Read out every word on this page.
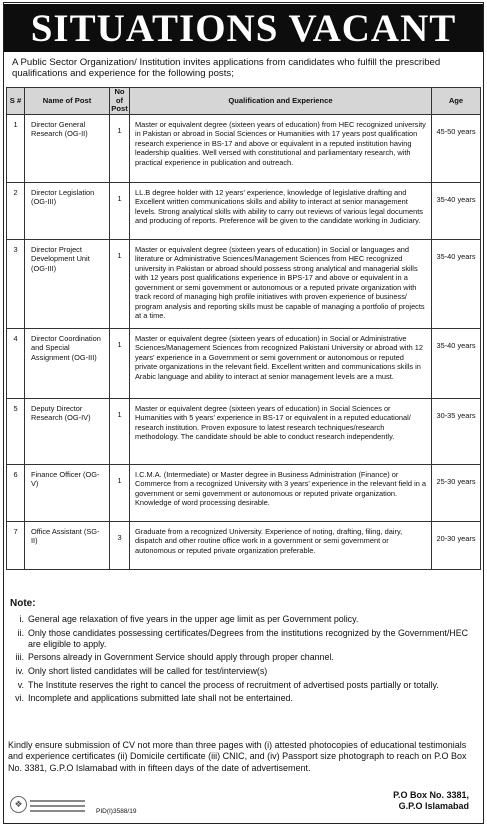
SITUATIONS VACANT

A Public Sector Organization/ Institution invites applications from candidates who fulfill the prescribed qualifications and experience for the following posts;

S #	Name of Post	No of Post	Qualification and Experience	Age
1	Director General Research (OG-II)	1	Master or equivalent degree (sixteen years of education) from HEC recognized university in Pakistan or abroad in Social Sciences or Humanities with 17 years post qualification research experience in BS-17 and above or equivalent in a reputed institution having leadership qualities. Well versed with constitutional and parliamentary research, with practical experience in publication and outreach.	45-50 years
2	Director Legislation (OG-III)	1	LL.B degree holder with 12 years' experience, knowledge of legislative drafting and Excellent written communications skills and ability to interact at senior management levels. Strong analytical skills with ability to carry out reviews of various legal documents and producing of reports. Preference will be given to the candidate working in Judiciary.	35-40 years
3	Director Project Development Unit (OG-III)	1	Master or equivalent degree (sixteen years of education) in Social or languages and literature or Administrative Sciences/Management Sciences from HEC recognized university in Pakistan or abroad should possess strong analytical and managerial skills with 12 years post qualifications experience in BPS-17 and above or equivalent in a government or semi government or autonomous or a reputed private organization with track record of managing high profile initiatives with proven experience of business/ program analysis and reporting skills must be capable of managing a portfolio of projects at a time.	35-40 years
4	Director Coordination and Special Assignment (OG-III)	1	Master or equivalent degree (sixteen years of education) in Social or Administrative Sciences/Management Sciences from recognized Pakistani University or abroad with 12 years' experience in a Government or semi government or autonomous or reputed private organizations in the relevant field. Excellent written and communications skills in Arabic language and ability to interact at senior management levels are a must.	35-40 years
5	Deputy Director Research (OG-IV)	1	Master or equivalent degree (sixteen years of education) in Social Sciences or Humanities with 5 years' experience in BS-17 or equivalent in a reputed educational/ research institution. Proven exposure to latest research techniques/research methodology. The candidate should be able to conduct research independently.	30-35 years
6	Finance Officer (OG-V)	1	I.C.M.A. (Intermediate) or Master degree in Business Administration (Finance) or Commerce from a recognized University with 3 years' experience in the relevant field in a government or semi government or autonomous or reputed private organization. Knowledge of word processing desirable.	25-30 years
7	Office Assistant (SG-II)	3	Graduate from a recognized University. Experience of noting, drafting, filing, dairy, dispatch and other routine office work in a government or semi government or autonomous or reputed private organization preferable.	20-30 years
Note:
i. General age relaxation of five years in the upper age limit as per Government policy.
ii. Only those candidates possessing certificates/Degrees from the institutions recognized by the Government/HEC are eligible to apply.
iii. Persons already in Government Service should apply through proper channel.
iv. Only short listed candidates will be called for test/interview(s)
v. The Institute reserves the right to cancel the process of recruitment of advertised posts partially or totally.
vi. Incomplete and applications submitted late shall not be entertained.

Kindly ensure submission of CV not more than three pages with (i) attested photocopies of educational testimonials and experience certificates (ii) Domicile certificate (iii) CNIC, and (iv) Passport size photograph to reach on P.O Box No. 3381, G.P.O Islamabad with in fifteen days of the date of advertisement.

❖
PID(I)3588/19
P.O Box No. 3381,
G.P.O Islamabad
